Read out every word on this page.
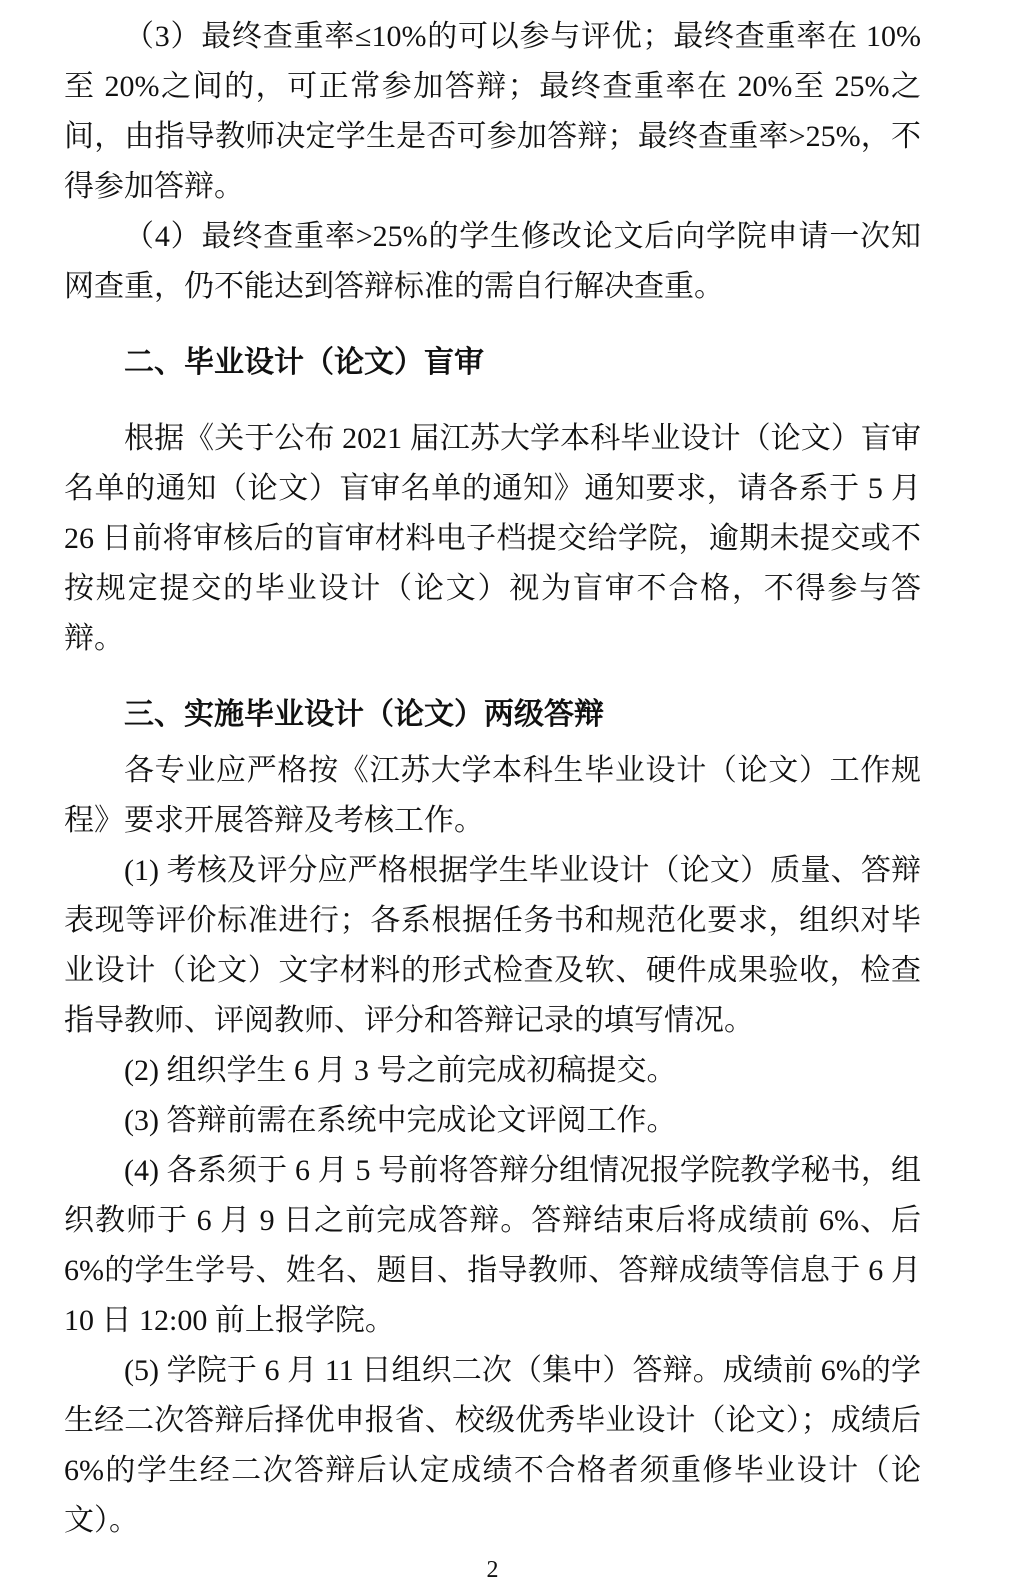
（3）最终查重率≤10%的可以参与评优；最终查重率在 10%至 20%之间的，可正常参加答辩；最终查重率在 20%至 25%之间，由指导教师决定学生是否可参加答辩；最终查重率>25%，不得参加答辩。

（4）最终查重率>25%的学生修改论文后向学院申请一次知网查重，仍不能达到答辩标准的需自行解决查重。

二、毕业设计（论文）盲审

根据《关于公布 2021 届江苏大学本科毕业设计（论文）盲审名单的通知（论文）盲审名单的通知》通知要求，请各系于 5 月 26 日前将审核后的盲审材料电子档提交给学院，逾期未提交或不按规定提交的毕业设计（论文）视为盲审不合格，不得参与答辩。

三、实施毕业设计（论文）两级答辩

各专业应严格按《江苏大学本科生毕业设计（论文）工作规程》要求开展答辩及考核工作。

(1) 考核及评分应严格根据学生毕业设计（论文）质量、答辩表现等评价标准进行；各系根据任务书和规范化要求，组织对毕业设计（论文）文字材料的形式检查及软、硬件成果验收，检查指导教师、评阅教师、评分和答辩记录的填写情况。

(2) 组织学生 6 月 3 号之前完成初稿提交。

(3) 答辩前需在系统中完成论文评阅工作。

(4) 各系须于 6 月 5 号前将答辩分组情况报学院教学秘书，组织教师于 6 月 9 日之前完成答辩。答辩结束后将成绩前 6%、后 6%的学生学号、姓名、题目、指导教师、答辩成绩等信息于 6 月 10 日 12:00 前上报学院。

(5) 学院于 6 月 11 日组织二次（集中）答辩。成绩前 6%的学生经二次答辩后择优申报省、校级优秀毕业设计（论文）；成绩后 6%的学生经二次答辩后认定成绩不合格者须重修毕业设计（论文）。

2
